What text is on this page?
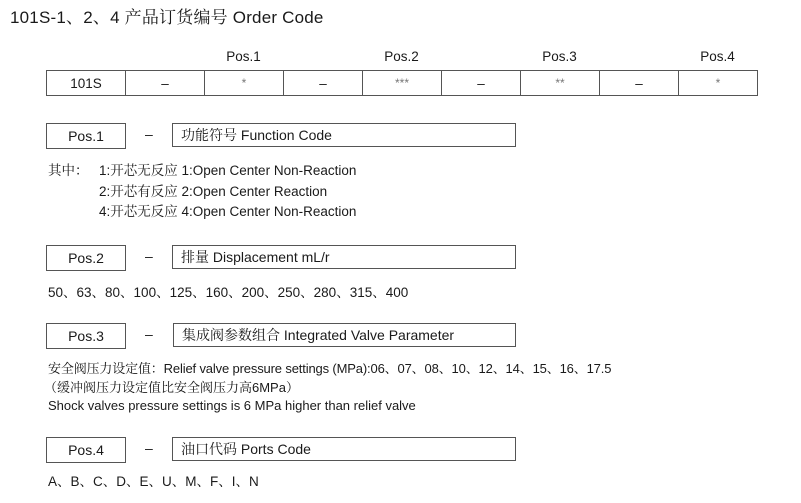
101S-1、2、4 产品订货编号 Order Code
Pos.1	Pos.2	Pos.3	Pos.4
101S	–	*	–	***	–	**	–	*
Pos.1	–	功能符号 Function Code
其中： 1:开芯无反应 1:Open Center Non-Reaction
2:开芯有反应 2:Open Center Reaction
4:开芯无反应 4:Open Center Non-Reaction
Pos.2	–	排量 Displacement mL/r
50、63、80、100、125、160、200、250、280、315、400
Pos.3	–	集成阀参数组合 Integrated Valve Parameter
安全阀压力设定值：Relief valve pressure settings (MPa):06、07、08、10、12、14、15、16、17.5
（缓冲阀压力设定值比安全阀压力高6MPa）
Shock valves pressure settings is 6 MPa higher than relief valve
Pos.4	–	油口代码 Ports Code
A、B、C、D、E、U、M、F、I、N
